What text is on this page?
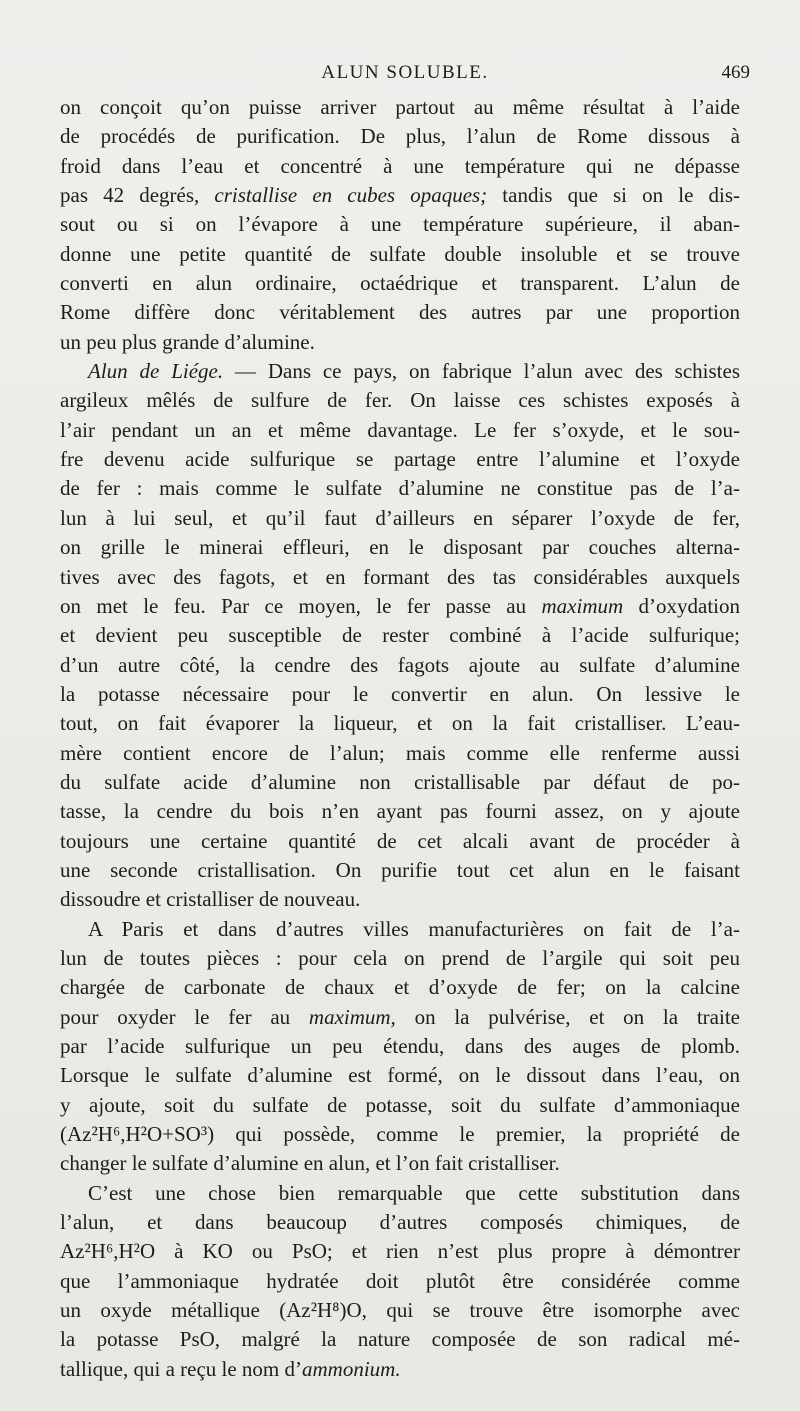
ALUN SOLUBLE.	469
on conçoit qu’on puisse arriver partout au même résultat à l’aide
de procédés de purification. De plus, l’alun de Rome dissous à
froid dans l’eau et concentré à une température qui ne dépasse
pas 42 degrés, cristallise en cubes opaques; tandis que si on le dis-
sout ou si on l’évapore à une température supérieure, il aban-
donne une petite quantité de sulfate double insoluble et se trouve
converti en alun ordinaire, octaédrique et transparent. L’alun de
Rome diffère donc véritablement des autres par une proportion
un peu plus grande d’alumine.
Alun de Liége. — Dans ce pays, on fabrique l’alun avec des schistes
argileux mêlés de sulfure de fer. On laisse ces schistes exposés à
l’air pendant un an et même davantage. Le fer s’oxyde, et le sou-
fre devenu acide sulfurique se partage entre l’alumine et l’oxyde
de fer : mais comme le sulfate d’alumine ne constitue pas de l’a-
lun à lui seul, et qu’il faut d’ailleurs en séparer l’oxyde de fer,
on grille le minerai effleuri, en le disposant par couches alterna-
tives avec des fagots, et en formant des tas considérables auxquels
on met le feu. Par ce moyen, le fer passe au maximum d’oxydation
et devient peu susceptible de rester combiné à l’acide sulfurique;
d’un autre côté, la cendre des fagots ajoute au sulfate d’alumine
la potasse nécessaire pour le convertir en alun. On lessive le
tout, on fait évaporer la liqueur, et on la fait cristalliser. L’eau-
mère contient encore de l’alun; mais comme elle renferme aussi
du sulfate acide d’alumine non cristallisable par défaut de po-
tasse, la cendre du bois n’en ayant pas fourni assez, on y ajoute
toujours une certaine quantité de cet alcali avant de procéder à
une seconde cristallisation. On purifie tout cet alun en le faisant
dissoudre et cristalliser de nouveau.
A Paris et dans d’autres villes manufacturières on fait de l’a-
lun de toutes pièces : pour cela on prend de l’argile qui soit peu
chargée de carbonate de chaux et d’oxyde de fer; on la calcine
pour oxyder le fer au maximum, on la pulvérise, et on la traite
par l’acide sulfurique un peu étendu, dans des auges de plomb.
Lorsque le sulfate d’alumine est formé, on le dissout dans l’eau, on
y ajoute, soit du sulfate de potasse, soit du sulfate d’ammoniaque
(Az²H⁶,H²O+SO³) qui possède, comme le premier, la propriété de
changer le sulfate d’alumine en alun, et l’on fait cristalliser.
C’est une chose bien remarquable que cette substitution dans
l’alun, et dans beaucoup d’autres composés chimiques, de
Az²H⁶,H²O à KO ou PsO; et rien n’est plus propre à démontrer
que l’ammoniaque hydratée doit plutôt être considérée comme
un oxyde métallique (Az²H⁸)O, qui se trouve être isomorphe avec
la potasse PsO, malgré la nature composée de son radical mé-
tallique, qui a reçu le nom d’ammonium.
